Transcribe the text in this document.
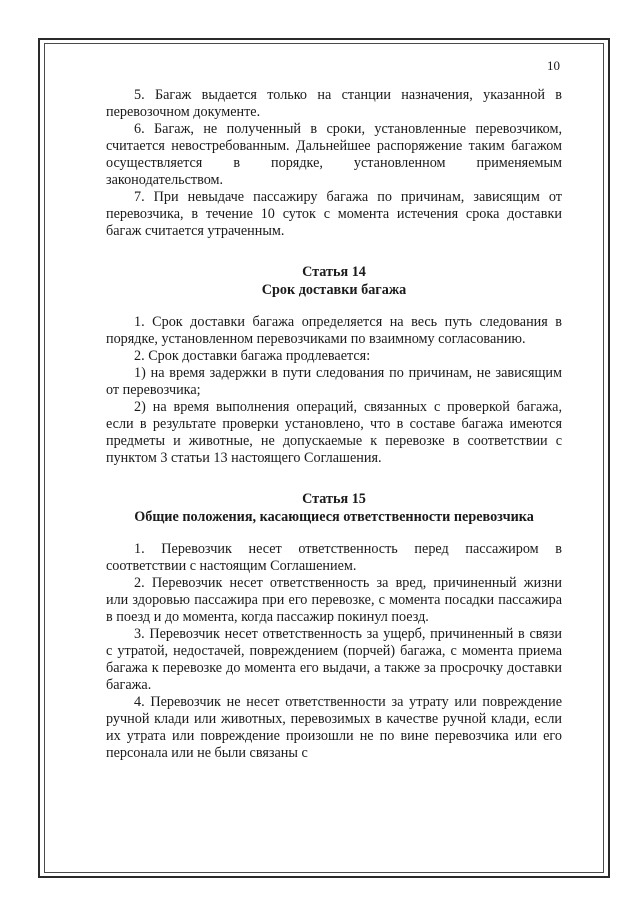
10

5. Багаж выдается только на станции назначения, указанной в перевозочном документе.

6. Багаж, не полученный в сроки, установленные перевозчиком, считается невостребованным. Дальнейшее распоряжение таким багажом осуществляется в порядке, установленном применяемым законодательством.

7. При невыдаче пассажиру багажа по причинам, зависящим от перевозчика, в течение 10 суток с момента истечения срока доставки багаж считается утраченным.

Статья 14
Срок доставки багажа

1. Срок доставки багажа определяется на весь путь следования в порядке, установленном перевозчиками по взаимному согласованию.

2. Срок доставки багажа продлевается:

1) на время задержки в пути следования по причинам, не зависящим от перевозчика;

2) на время выполнения операций, связанных с проверкой багажа, если в результате проверки установлено, что в составе багажа имеются предметы и животные, не допускаемые к перевозке в соответствии с пунктом 3 статьи 13 настоящего Соглашения.

Статья 15
Общие положения, касающиеся ответственности перевозчика

1. Перевозчик несет ответственность перед пассажиром в соответствии с настоящим Соглашением.

2. Перевозчик несет ответственность за вред, причиненный жизни или здоровью пассажира при его перевозке, с момента посадки пассажира в поезд и до момента, когда пассажир покинул поезд.

3. Перевозчик несет ответственность за ущерб, причиненный в связи с утратой, недостачей, повреждением (порчей) багажа, с момента приема багажа к перевозке до момента его выдачи, а также за просрочку доставки багажа.

4. Перевозчик не несет ответственности за утрату или повреждение ручной клади или животных, перевозимых в качестве ручной клади, если их утрата или повреждение произошли не по вине перевозчика или его персонала или не были связаны с
